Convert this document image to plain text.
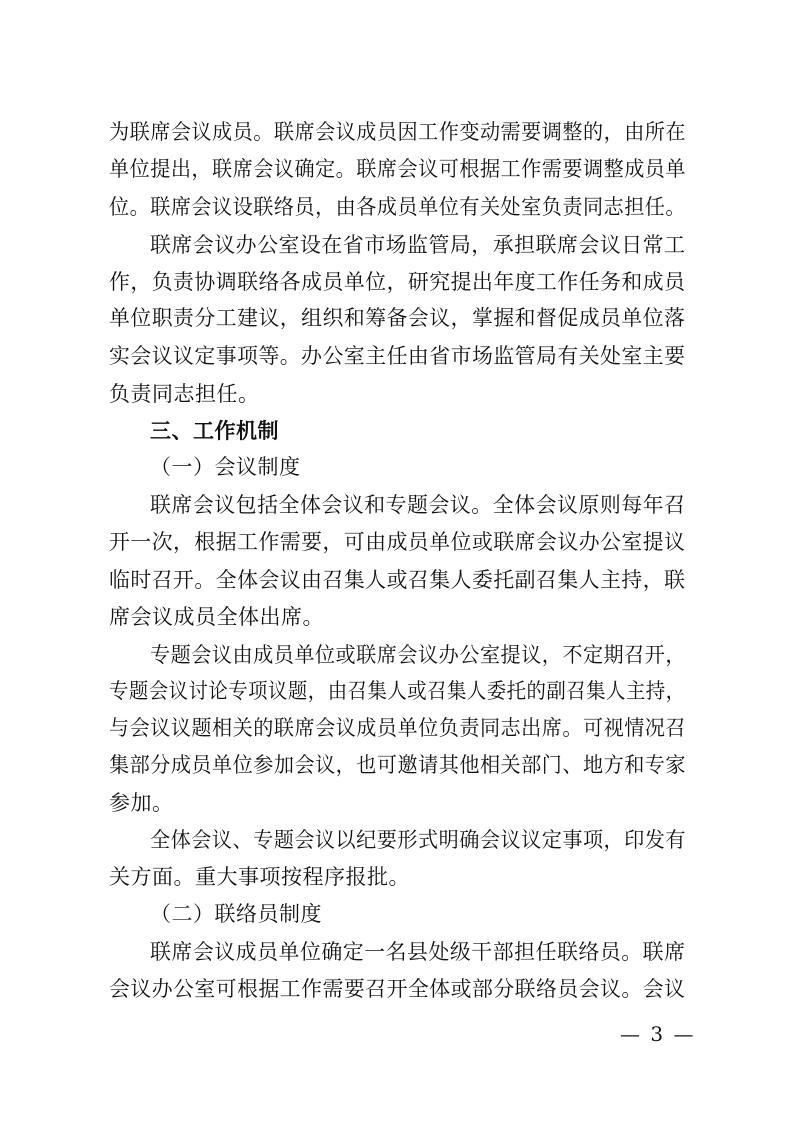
为联席会议成员。联席会议成员因工作变动需要调整的，由所在
单位提出，联席会议确定。联席会议可根据工作需要调整成员单
位。联席会议设联络员，由各成员单位有关处室负责同志担任。
联席会议办公室设在省市场监管局，承担联席会议日常工
作，负责协调联络各成员单位，研究提出年度工作任务和成员
单位职责分工建议，组织和筹备会议，掌握和督促成员单位落
实会议议定事项等。办公室主任由省市场监管局有关处室主要
负责同志担任。
三、工作机制
（一）会议制度
联席会议包括全体会议和专题会议。全体会议原则每年召
开一次，根据工作需要，可由成员单位或联席会议办公室提议
临时召开。全体会议由召集人或召集人委托副召集人主持，联
席会议成员全体出席。
专题会议由成员单位或联席会议办公室提议，不定期召开，
专题会议讨论专项议题，由召集人或召集人委托的副召集人主持，
与会议议题相关的联席会议成员单位负责同志出席。可视情况召
集部分成员单位参加会议，也可邀请其他相关部门、地方和专家
参加。
全体会议、专题会议以纪要形式明确会议议定事项，印发有
关方面。重大事项按程序报批。
（二）联络员制度
联席会议成员单位确定一名县处级干部担任联络员。联席
会议办公室可根据工作需要召开全体或部分联络员会议。会议
— 3 —
